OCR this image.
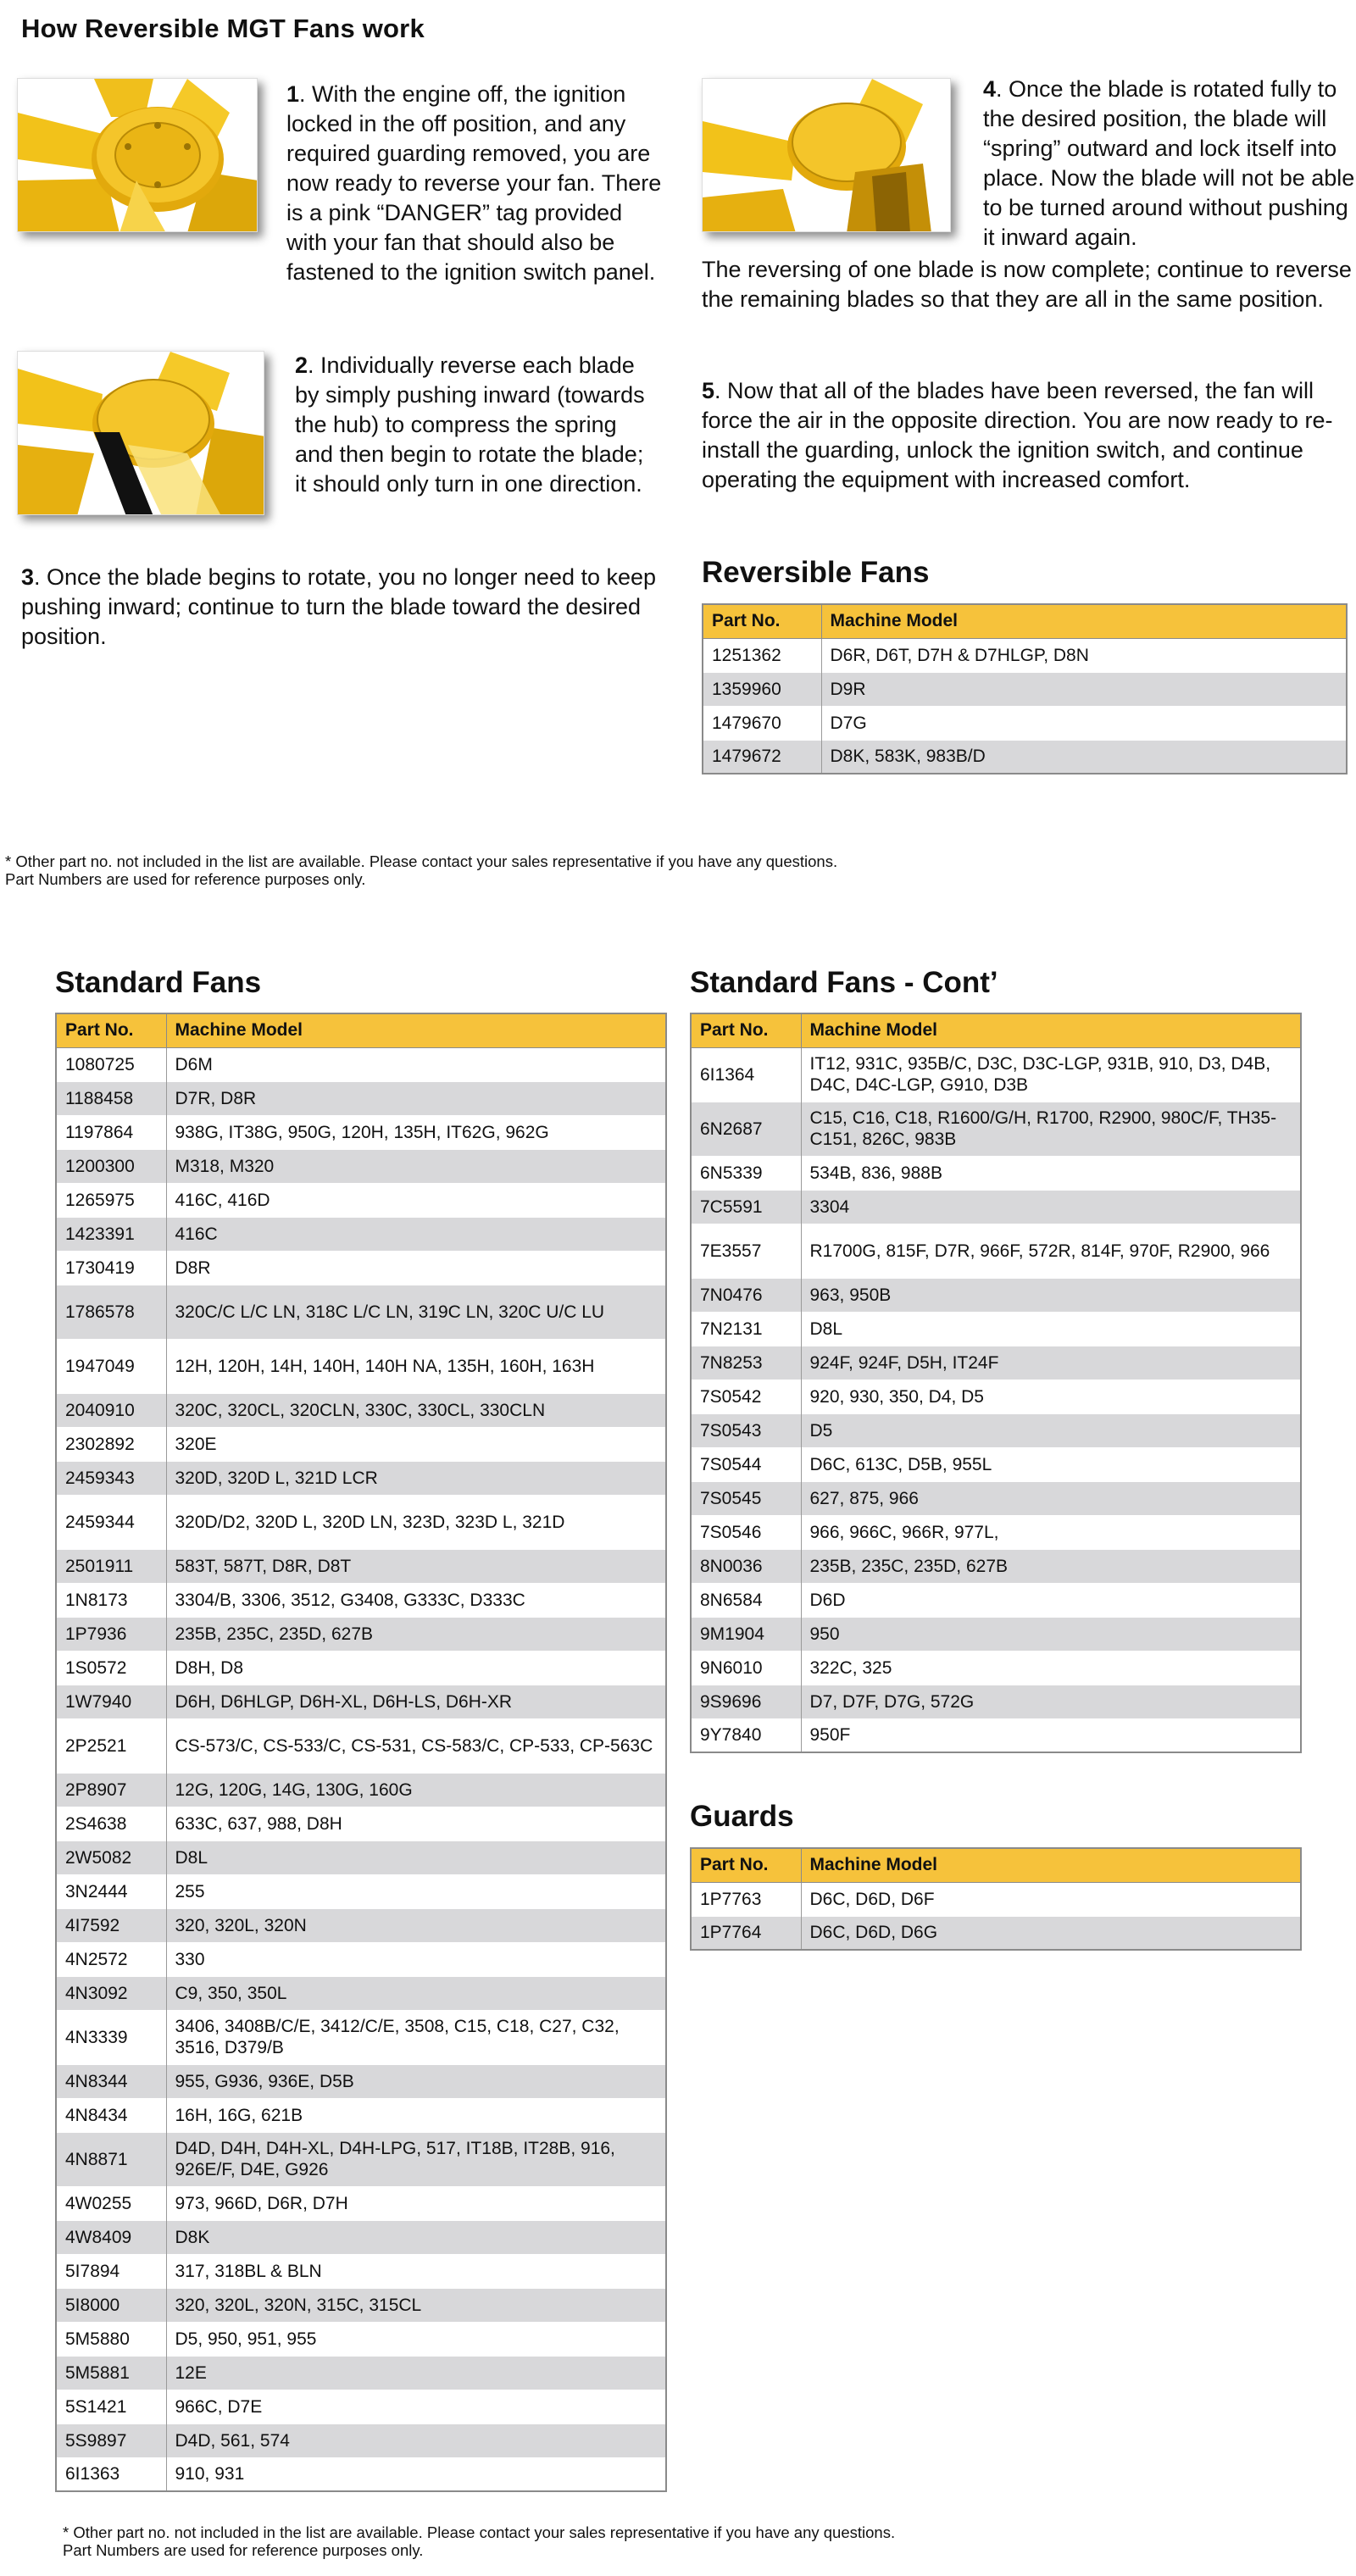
How Reversible MGT Fans work
1. With the engine off, the ignition locked in the off position, and any required guarding removed, you are now ready to reverse your fan. There is a pink “DANGER” tag provided with your fan that should also be fastened to the ignition switch panel.
2. Individually reverse each blade by simply pushing inward (towards the hub) to compress the spring and then begin to rotate the blade; it should only turn in one direction.
3. Once the blade begins to rotate, you no longer need to keep pushing inward; continue to turn the blade toward the desired position.
4. Once the blade is rotated fully to the desired position, the blade will “spring” outward and lock itself into place. Now the blade will not be able to be turned around without pushing it inward again.
The reversing of one blade is now complete; continue to reverse the remaining blades so that they are all in the same position.
5. Now that all of the blades have been reversed, the fan will force the air in the opposite direction. You are now ready to re-install the guarding, unlock the ignition switch, and continue operating the equipment with increased comfort.
Reversible Fans
Part No.	Machine Model
1251362	D6R, D6T, D7H & D7HLGP, D8N
1359960	D9R
1479670	D7G
1479672	D8K, 583K, 983B/D
* Other part no. not included in the list are available. Please contact your sales representative if you have any questions.
Part Numbers are used for reference purposes only.
Standard Fans
Part No.	Machine Model
1080725	D6M
1188458	D7R, D8R
1197864	938G, IT38G, 950G, 120H, 135H, IT62G, 962G
1200300	M318, M320
1265975	416C, 416D
1423391	416C
1730419	D8R
1786578	320C/C L/C LN, 318C L/C LN, 319C LN, 320C U/C LU
1947049	12H, 120H, 14H, 140H, 140H NA, 135H, 160H, 163H
2040910	320C, 320CL, 320CLN, 330C, 330CL, 330CLN
2302892	320E
2459343	320D, 320D L, 321D LCR
2459344	320D/D2, 320D L, 320D LN, 323D, 323D L, 321D
2501911	583T, 587T, D8R, D8T
1N8173	3304/B, 3306, 3512, G3408, G333C, D333C
1P7936	235B, 235C, 235D, 627B
1S0572	D8H, D8
1W7940	D6H, D6HLGP, D6H-XL, D6H-LS, D6H-XR
2P2521	CS-573/C, CS-533/C, CS-531, CS-583/C, CP-533, CP-563C
2P8907	12G, 120G, 14G, 130G, 160G
2S4638	633C, 637, 988, D8H
2W5082	D8L
3N2444	255
4I7592	320, 320L, 320N
4N2572	330
4N3092	C9, 350, 350L
4N3339	3406, 3408B/C/E, 3412/C/E, 3508, C15, C18, C27, C32, 3516, D379/B
4N8344	955, G936, 936E, D5B
4N8434	16H, 16G, 621B
4N8871	D4D, D4H, D4H-XL, D4H-LPG, 517, IT18B, IT28B, 916, 926E/F, D4E, G926
4W0255	973, 966D, D6R, D7H
4W8409	D8K
5I7894	317, 318BL & BLN
5I8000	320, 320L, 320N, 315C, 315CL
5M5880	D5, 950, 951, 955
5M5881	12E
5S1421	966C, D7E
5S9897	D4D, 561, 574
6I1363	910, 931
Standard Fans - Cont’
Part No.	Machine Model
6I1364	IT12, 931C, 935B/C, D3C, D3C-LGP, 931B, 910, D3, D4B, D4C, D4C-LGP, G910, D3B
6N2687	C15, C16, C18, R1600/G/H, R1700, R2900, 980C/F, TH35-C151, 826C, 983B
6N5339	534B, 836, 988B
7C5591	3304
7E3557	R1700G, 815F, D7R, 966F, 572R, 814F, 970F, R2900, 966
7N0476	963, 950B
7N2131	D8L
7N8253	924F, 924F, D5H, IT24F
7S0542	920, 930, 350, D4, D5
7S0543	D5
7S0544	D6C, 613C, D5B, 955L
7S0545	627, 875, 966
7S0546	966, 966C, 966R, 977L,
8N0036	235B, 235C, 235D, 627B
8N6584	D6D
9M1904	950
9N6010	322C, 325
9S9696	D7, D7F, D7G, 572G
9Y7840	950F
Guards
Part No.	Machine Model
1P7763	D6C, D6D, D6F
1P7764	D6C, D6D, D6G
* Other part no. not included in the list are available. Please contact your sales representative if you have any questions.
Part Numbers are used for reference purposes only.
